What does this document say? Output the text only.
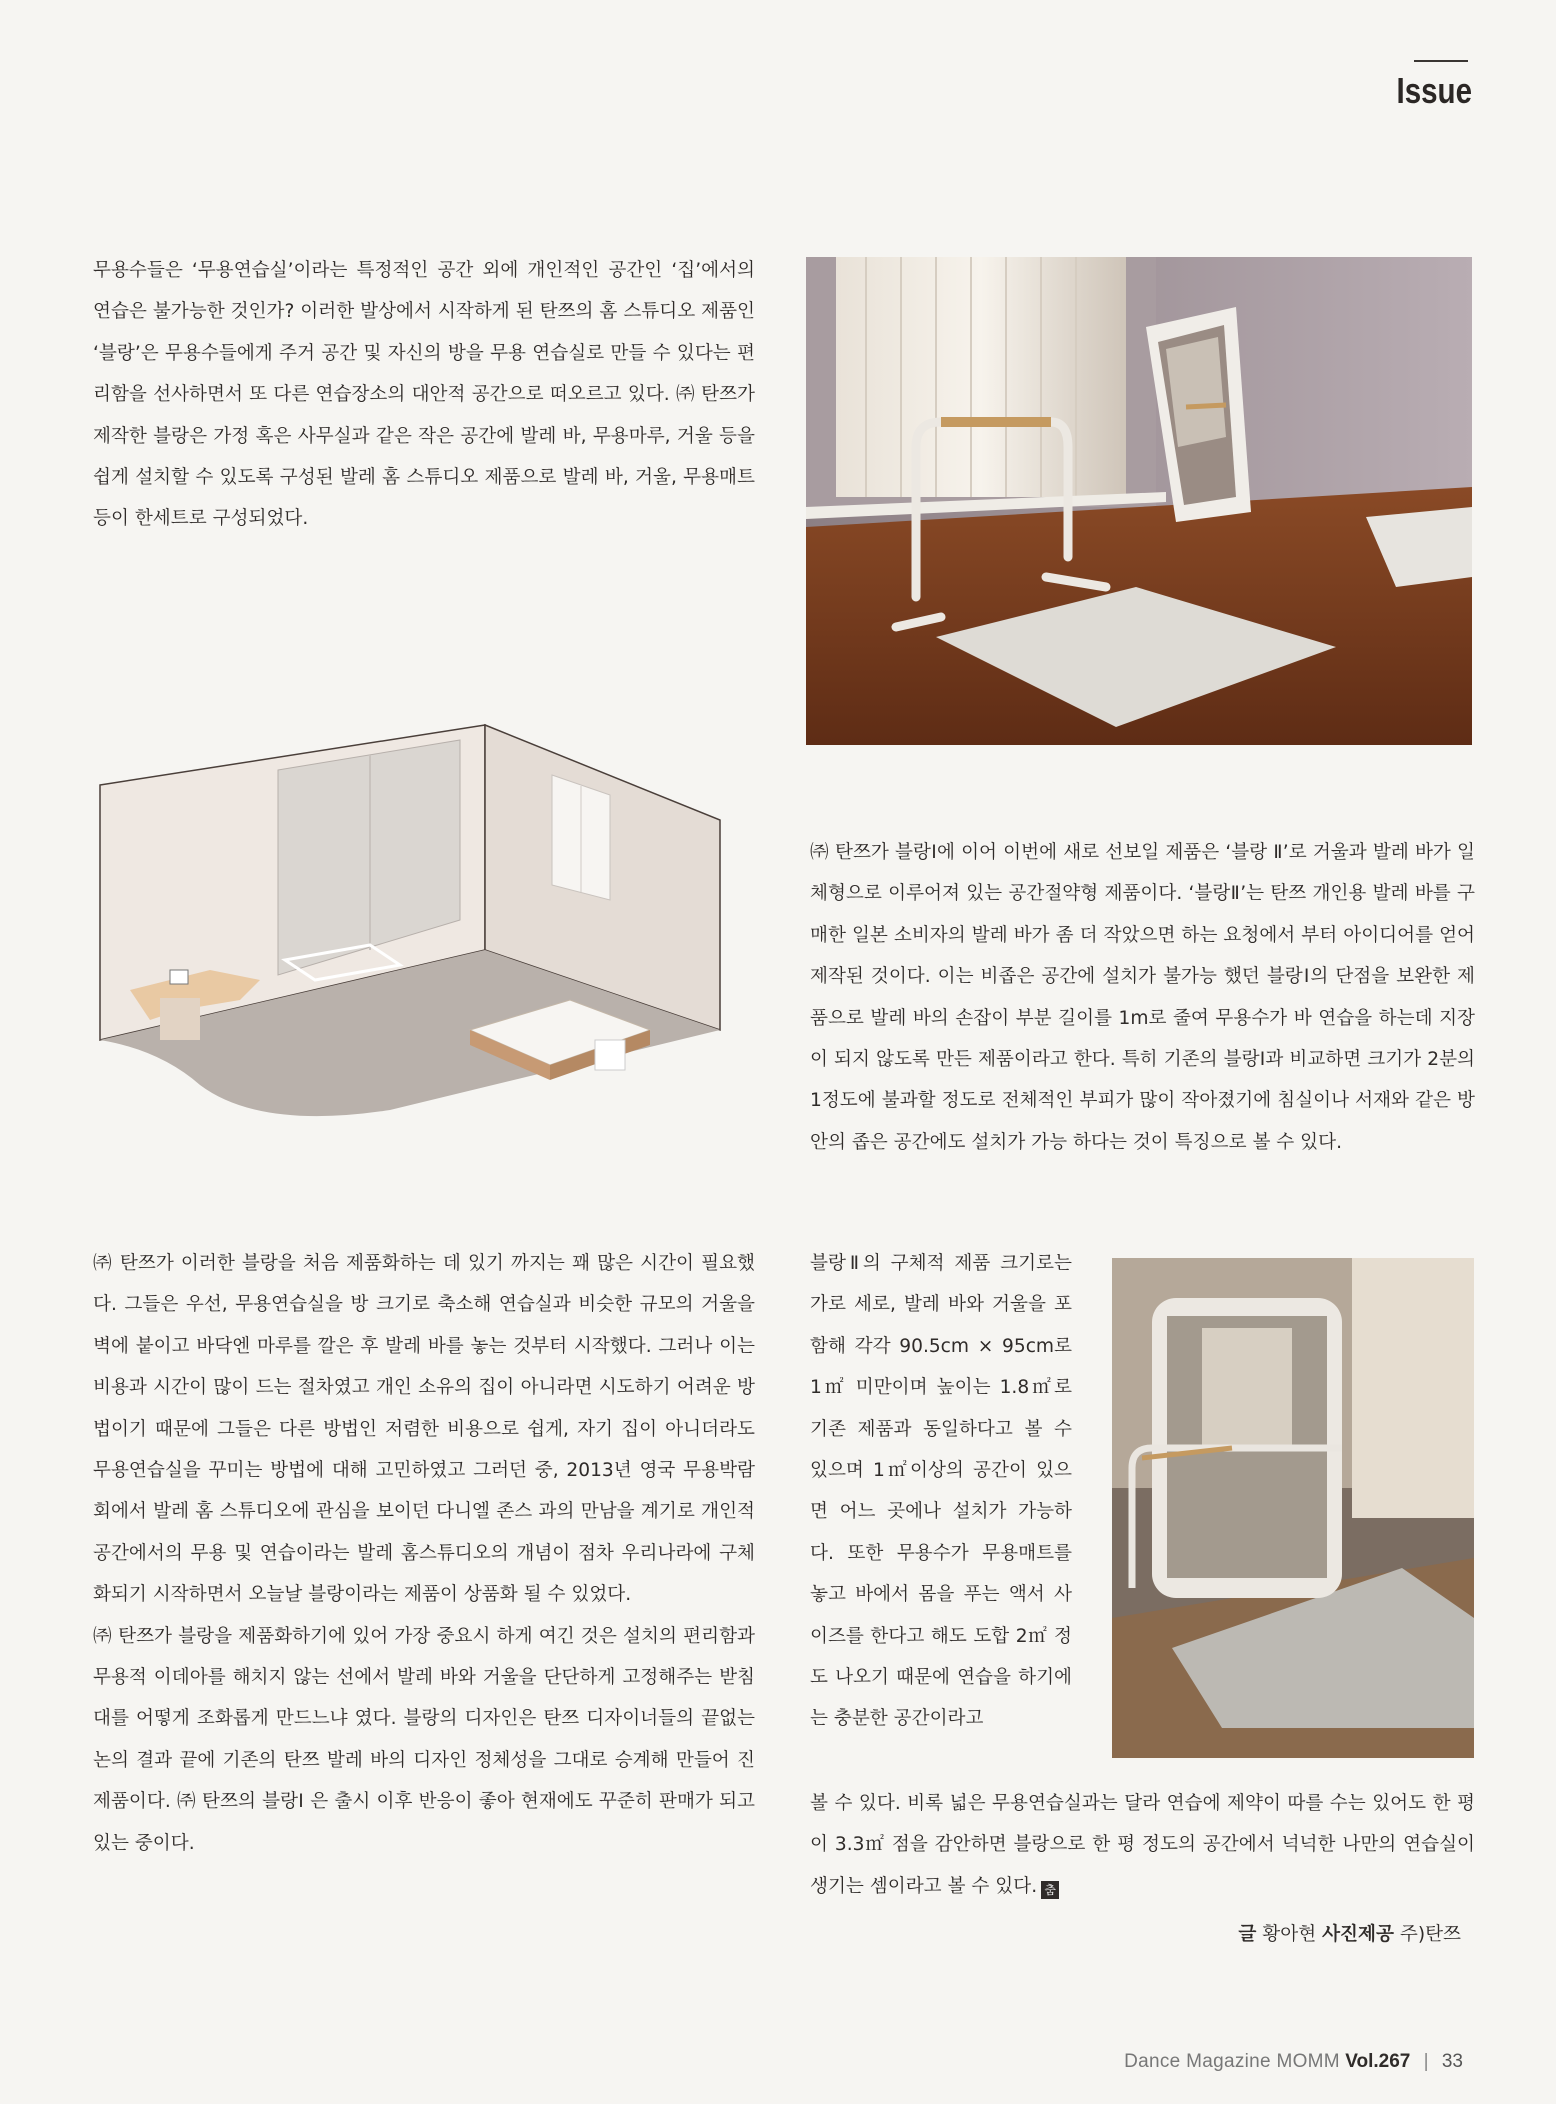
Issue

무용수들은 ‘무용연습실’이라는 특정적인 공간 외에 개인적인 공간인 ‘집’에서의 연습은 불가능한 것인가? 이러한 발상에서 시작하게 된 탄쯔의 홈 스튜디오 제품인 ‘블랑’은 무용수들에게 주거 공간 및 자신의 방을 무용 연습실로 만들 수 있다는 편리함을 선사하면서 또 다른 연습장소의 대안적 공간으로 떠오르고 있다. ㈜ 탄쯔가 제작한 블랑은 가정 혹은 사무실과 같은 작은 공간에 발레 바, 무용마루, 거울 등을 쉽게 설치할 수 있도록 구성된 발레 홈 스튜디오 제품으로 발레 바, 거울, 무용매트 등이 한세트로 구성되었다.

㈜ 탄쯔가 블랑Ⅰ에 이어 이번에 새로 선보일 제품은 ‘블랑 Ⅱ’로 거울과 발레 바가 일체형으로 이루어져 있는 공간절약형 제품이다. ‘블랑Ⅱ’는 탄쯔 개인용 발레 바를 구매한 일본 소비자의 발레 바가 좀 더 작았으면 하는 요청에서 부터 아이디어를 얻어 제작된 것이다. 이는 비좁은 공간에 설치가 불가능 했던 블랑Ⅰ의 단점을 보완한 제품으로 발레 바의 손잡이 부분 길이를 1m로 줄여 무용수가 바 연습을 하는데 지장이 되지 않도록 만든 제품이라고 한다. 특히 기존의 블랑Ⅰ과 비교하면 크기가 2분의 1정도에 불과할 정도로 전체적인 부피가 많이 작아졌기에 침실이나 서재와 같은 방안의 좁은 공간에도 설치가 가능 하다는 것이 특징으로 볼 수 있다.

㈜ 탄쯔가 이러한 블랑을 처음 제품화하는 데 있기 까지는 꽤 많은 시간이 필요했다. 그들은 우선, 무용연습실을 방 크기로 축소해 연습실과 비슷한 규모의 거울을 벽에 붙이고 바닥엔 마루를 깔은 후 발레 바를 놓는 것부터 시작했다. 그러나 이는 비용과 시간이 많이 드는 절차였고 개인 소유의 집이 아니라면 시도하기 어려운 방법이기 때문에 그들은 다른 방법인 저렴한 비용으로 쉽게, 자기 집이 아니더라도 무용연습실을 꾸미는 방법에 대해 고민하였고 그러던 중, 2013년 영국 무용박람회에서 발레 홈 스튜디오에 관심을 보이던 다니엘 존스 과의 만남을 계기로 개인적 공간에서의 무용 및 연습이라는 발레 홈스튜디오의 개념이 점차 우리나라에 구체화되기 시작하면서 오늘날 블랑이라는 제품이 상품화 될 수 있었다.

㈜ 탄쯔가 블랑을 제품화하기에 있어 가장 중요시 하게 여긴 것은 설치의 편리함과 무용적 이데아를 해치지 않는 선에서 발레 바와 거울을 단단하게 고정해주는 받침대를 어떻게 조화롭게 만드느냐 였다. 블랑의 디자인은 탄쯔 디자이너들의 끝없는 논의 결과 끝에 기존의 탄쯔 발레 바의 디자인 정체성을 그대로 승계해 만들어 진 제품이다. ㈜ 탄쯔의 블랑Ⅰ 은 출시 이후 반응이 좋아 현재에도 꾸준히 판매가 되고 있는 중이다.

블랑Ⅱ의 구체적 제품 크기로는 가로 세로, 발레 바와 거울을 포함해 각각 90.5cm × 95cm로 1㎡ 미만이며 높이는 1.8㎡로 기존 제품과 동일하다고 볼 수 있으며 1㎡이상의 공간이 있으면 어느 곳에나 설치가 가능하다. 또한 무용수가 무용매트를 놓고 바에서 몸을 푸는 액서 사이즈를 한다고 해도 도합 2㎡ 정도 나오기 때문에 연습을 하기에는 충분한 공간이라고

볼 수 있다. 비록 넓은 무용연습실과는 달라 연습에 제약이 따를 수는 있어도 한 평이 3.3㎡ 점을 감안하면 블랑으로 한 평 정도의 공간에서 넉넉한 나만의 연습실이 생기는 셈이라고 볼 수 있다. 춤

글 황아현 사진제공 주)탄쯔
Dance Magazine MOMM Vol.267 | 33
